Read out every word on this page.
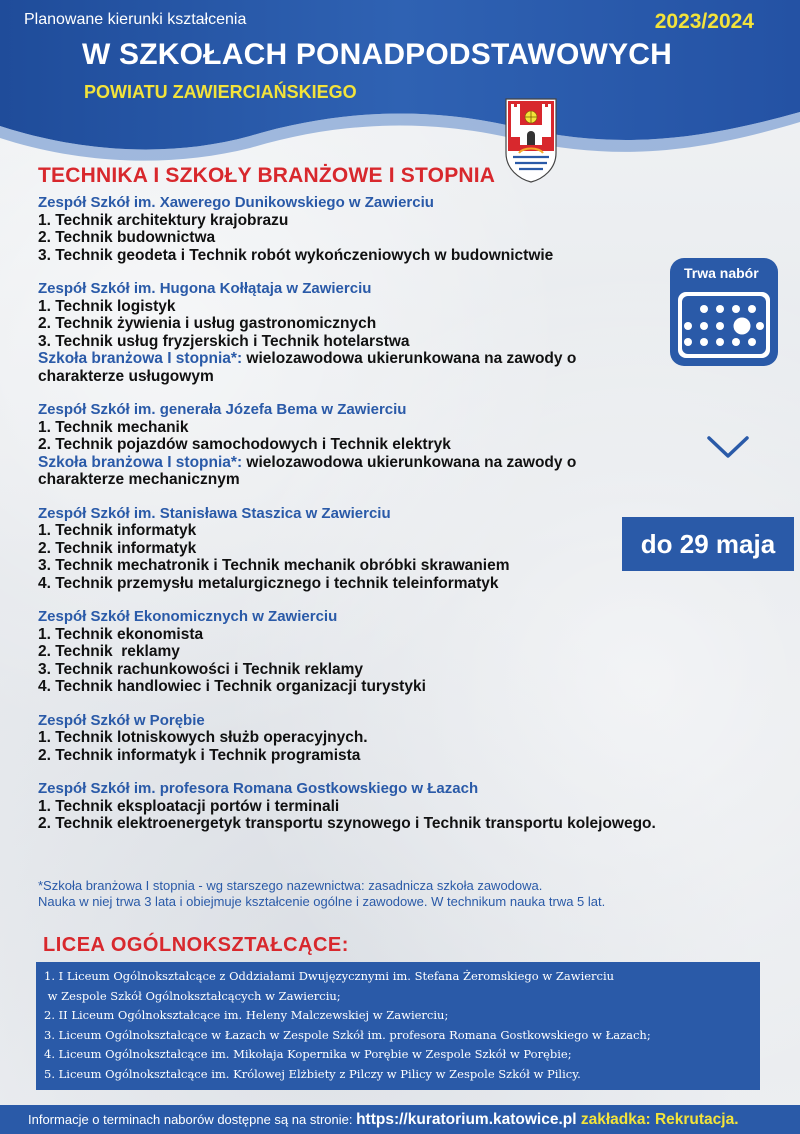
Planowane kierunki kształcenia	2023/2024
W SZKOŁACH PONADPODSTAWOWYCH
POWIATU ZAWIERCIAŃSKIEGO
TECHNIKA I SZKOŁY BRANŻOWE I STOPNIA
Zespół Szkół im. Xawerego Dunikowskiego w Zawierciu
1. Technik architektury krajobrazu
2. Technik budownictwa
3. Technik geodeta i Technik robót wykończeniowych w budownictwie
Zespół Szkół im. Hugona Kołłątaja w Zawierciu
1. Technik logistyk
2. Technik żywienia i usług gastronomicznych
3. Technik usług fryzjerskich i Technik hotelarstwa
Szkoła branżowa I stopnia*: wielozawodowa ukierunkowana na zawody o charakterze usługowym
Zespół Szkół im. generała Józefa Bema w Zawierciu
1. Technik mechanik
2. Technik pojazdów samochodowych i Technik elektryk
Szkoła branżowa I stopnia*: wielozawodowa ukierunkowana na zawody o charakterze mechanicznym
Zespół Szkół im. Stanisława Staszica w Zawierciu
1. Technik informatyk
2. Technik informatyk
3. Technik mechatronik i Technik mechanik obróbki skrawaniem
4. Technik przemysłu metalurgicznego i technik teleinformatyk
Zespół Szkół Ekonomicznych w Zawierciu
1. Technik ekonomista
2. Technik  reklamy
3. Technik rachunkowości i Technik reklamy
4. Technik handlowiec i Technik organizacji turystyki
Zespół Szkół w Porębie
1. Technik lotniskowych służb operacyjnych.
2. Technik informatyk i Technik programista
Zespół Szkół im. profesora Romana Gostkowskiego w Łazach
1. Technik eksploatacji portów i terminali
2. Technik elektroenergetyk transportu szynowego i Technik transportu kolejowego.
*Szkoła branżowa I stopnia - wg starszego nazewnictwa: zasadnicza szkoła zawodowa.
Nauka w niej trwa 3 lata i obiejmuje kształcenie ogólne i zawodowe. W technikum nauka trwa 5 lat.
Trwa nabór
do 29 maja
LICEA OGÓLNOKSZTAŁCĄCE:
1. I Liceum Ogólnokształcące z Oddziałami Dwujęzycznymi im. Stefana Żeromskiego w Zawierciu
w Zespole Szkół Ogólnokształcących w Zawierciu;
2. II Liceum Ogólnokształcące im. Heleny Malczewskiej w Zawierciu;
3. Liceum Ogólnokształcące w Łazach w Zespole Szkół im. profesora Romana Gostkowskiego w Łazach;
4. Liceum Ogólnokształcące im. Mikołaja Kopernika w Porębie w Zespole Szkół w Porębie;
5. Liceum Ogólnokształcące im. Królowej Elżbiety z Pilczy w Pilicy w Zespole Szkół w Pilicy.
Informacje o terminach naborów dostępne są na stronie: https://kuratorium.katowice.pl zakładka: Rekrutacja.
